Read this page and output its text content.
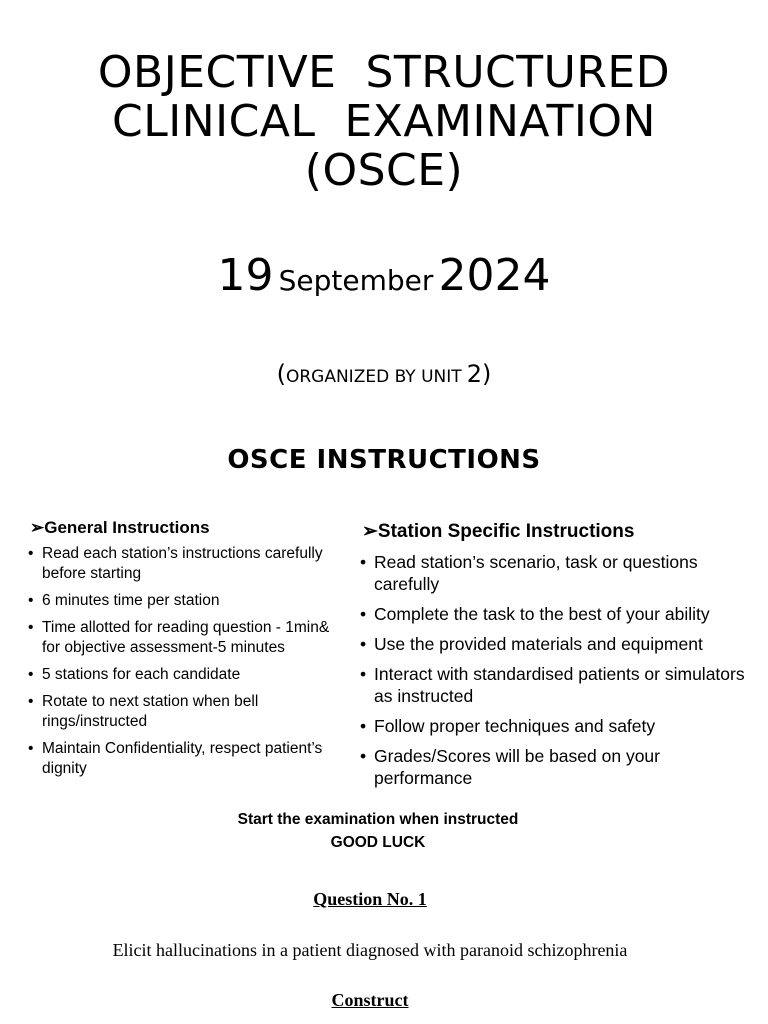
OBJECTIVE  STRUCTURED
CLINICAL  EXAMINATION
(OSCE)
19 September 2024
(ORGANIZED BY UNIT 2)
OSCE INSTRUCTIONS
➢General Instructions
• Read each station’s instructions carefully before starting
• 6 minutes time per station
• Time allotted for reading question - 1min& for objective assessment-5 minutes
• 5 stations for each candidate
• Rotate to next station when bell rings/instructed
• Maintain Confidentiality, respect patient’s dignity
➢Station Specific Instructions
• Read station’s scenario, task or questions carefully
• Complete the task to the best of your ability
• Use the provided materials and equipment
• Interact with standardised patients or simulators as instructed
• Follow proper techniques and safety
• Grades/Scores will be based on your performance
Start the examination when instructed
GOOD LUCK
Question No. 1
Elicit hallucinations in a patient diagnosed with paranoid schizophrenia
Construct
